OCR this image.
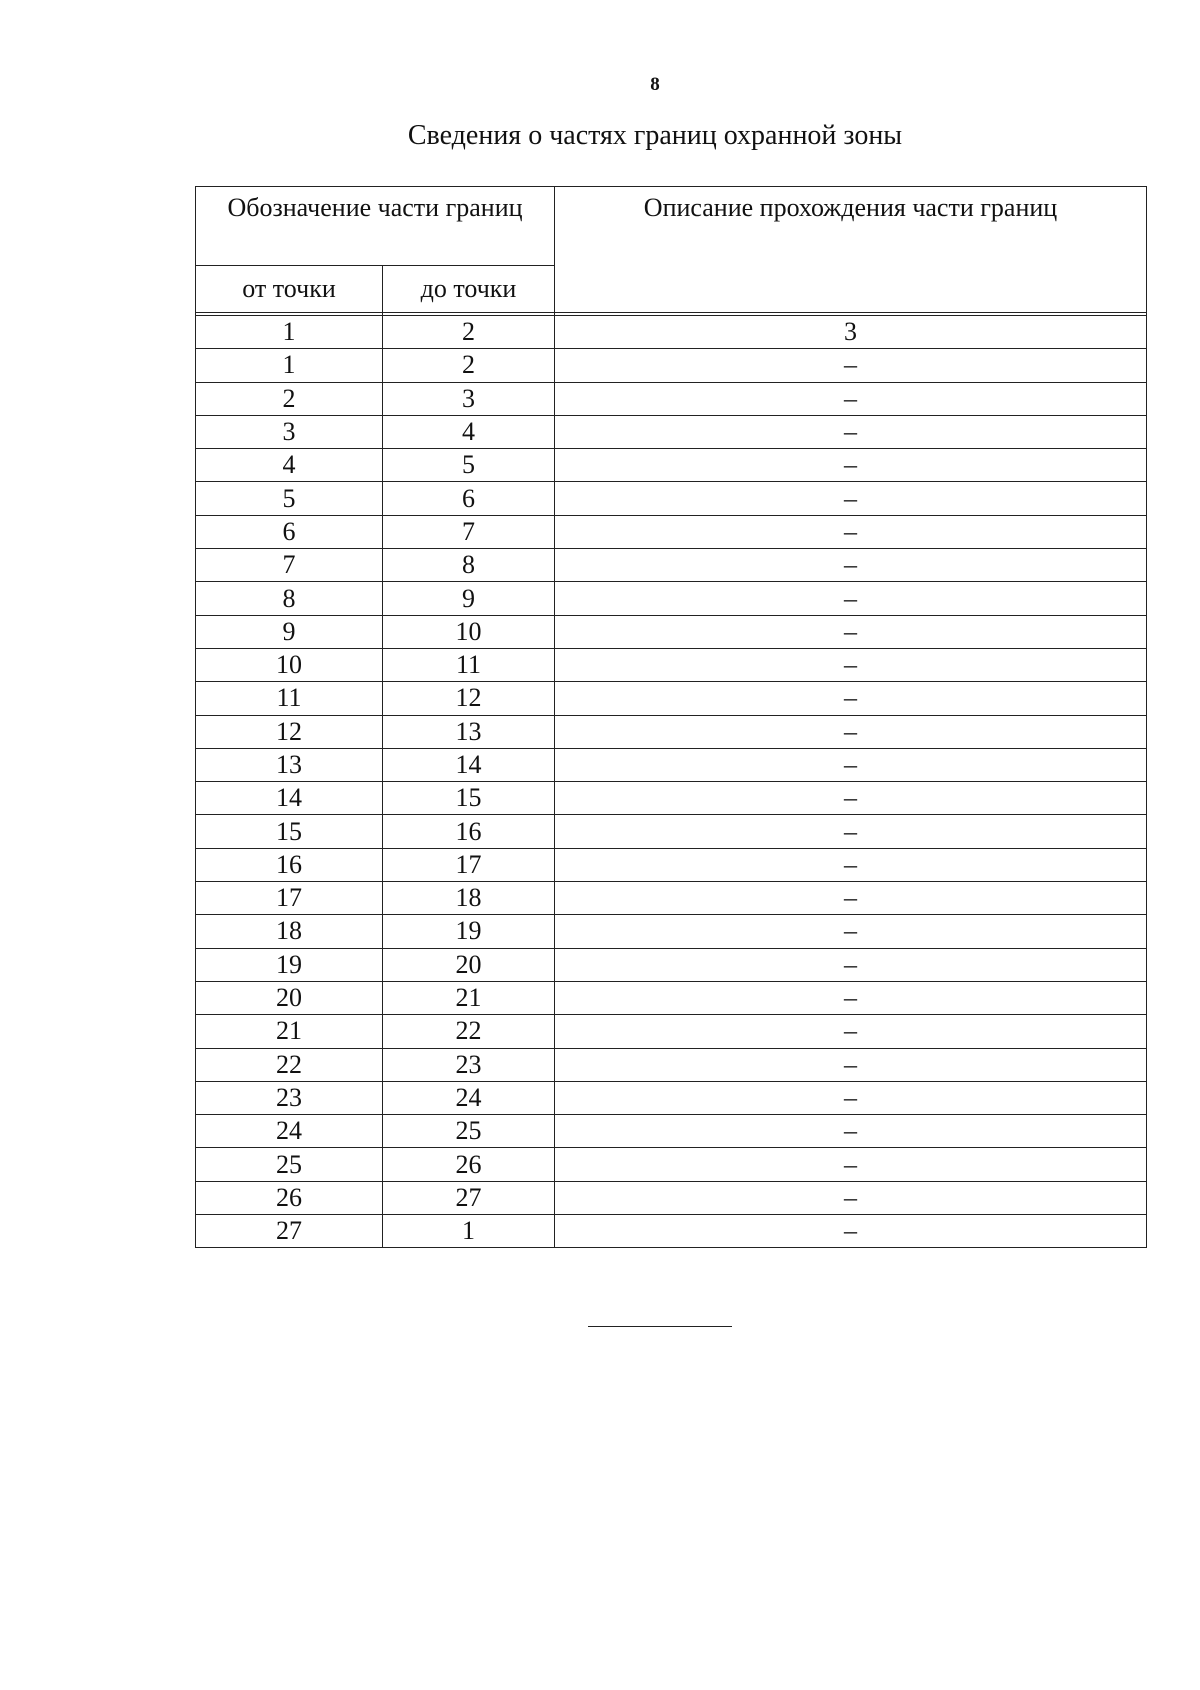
8
Сведения о частях границ охранной зоны
Обозначение части границ		Описание прохождения части границ
от точки	до точки	

1	2	3
1	2	–
2	3	–
3	4	–
4	5	–
5	6	–
6	7	–
7	8	–
8	9	–
9	10	–
10	11	–
11	12	–
12	13	–
13	14	–
14	15	–
15	16	–
16	17	–
17	18	–
18	19	–
19	20	–
20	21	–
21	22	–
22	23	–
23	24	–
24	25	–
25	26	–
26	27	–
27	1	–
